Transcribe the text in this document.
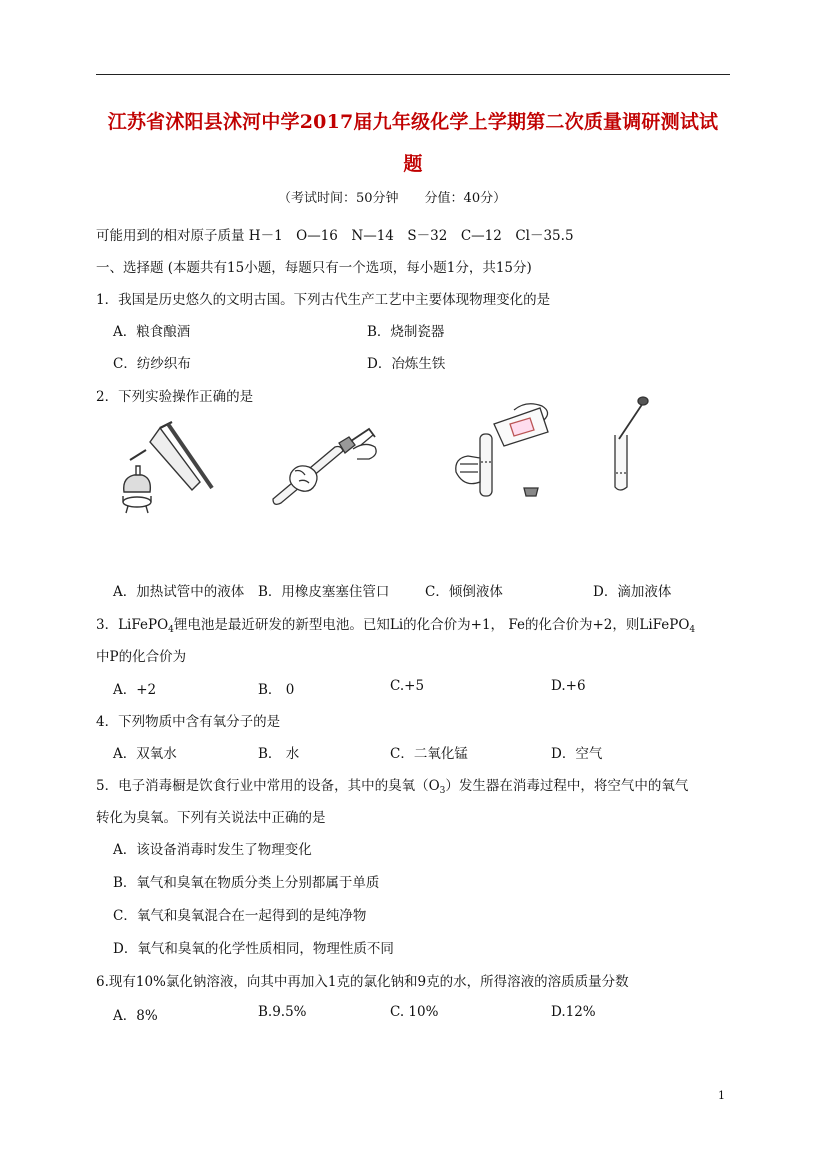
江苏省沭阳县沭河中学2017届九年级化学上学期第二次质量调研测试试
题
（考试时间：50分钟　　分值：40分）
可能用到的相对原子质量 H－1　O—16　N—14　S－32　C—12　Cl－35.5
一、选择题 (本题共有15小题，每题只有一个选项，每小题1分，共15分)
1．我国是历史悠久的文明古国。下列古代生产工艺中主要体现物理变化的是
A．粮食酿酒	B．烧制瓷器
C．纺纱织布	D．冶炼生铁
2．下列实验操作正确的是
A．加热试管中的液体 B．用橡皮塞塞住管口	C．倾倒液体	D．滴加液体
3．LiFePO$_4$锂电池是最近研发的新型电池。已知Li的化合价为+1， Fe的化合价为+2，则LiFePO$_4$
中P的化合价为
A．+2	B． 0	C.+5	D.+6
4．下列物质中含有氧分子的是
A．双氧水	B． 水	C．二氧化锰	D．空气
5．电子消毒橱是饮食行业中常用的设备，其中的臭氧$(O_3)$发生器在消毒过程中，将空气中的氧气
转化为臭氧。下列有关说法中正确的是
A．该设备消毒时发生了物理变化
B．氧气和臭氧在物质分类上分别都属于单质
C．氧气和臭氧混合在一起得到的是纯净物
D．氧气和臭氧的化学性质相同，物理性质不同
6.现有10%氯化钠溶液，向其中再加入1克的氯化钠和9克的水，所得溶液的溶质质量分数
A．8%	B.9.5%	C. 10%	D.12%
1
